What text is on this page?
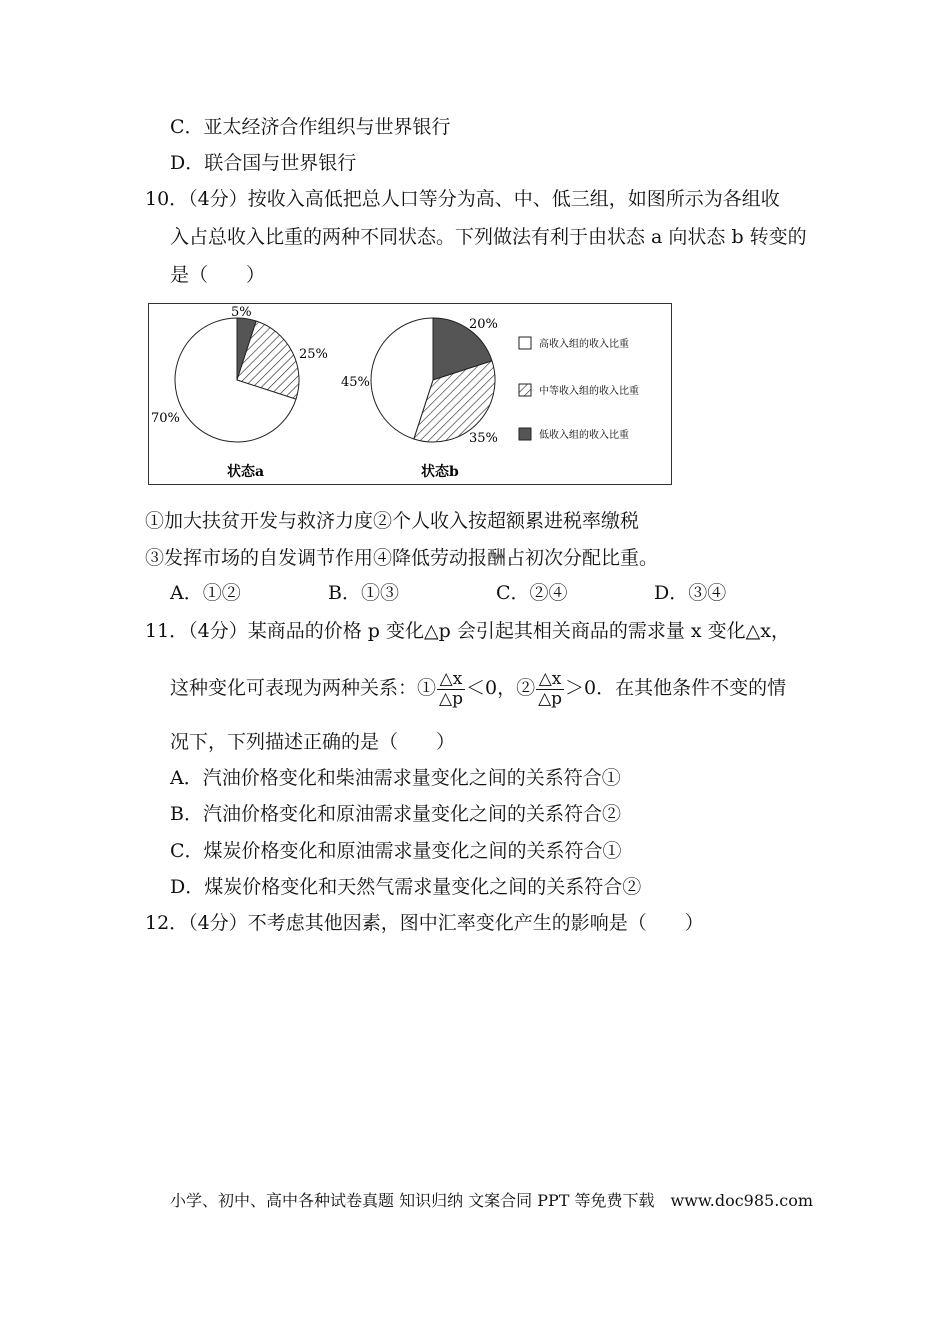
C．亚太经济合作组织与世界银行
D．联合国与世界银行
10．（4分）按收入高低把总人口等分为高、中、低三组，如图所示为各组收
入占总收入比重的两种不同状态。下列做法有利于由状态 a 向状态 b 转变的
是（　　）
70%
25%
5%
状态a
45%
35%
20%
状态b
高收入组的收入比重
中等收入组的收入比重
低收入组的收入比重
①加大扶贫开发与救济力度②个人收入按超额累进税率缴税
③发挥市场的自发调节作用④降低劳动报酬占初次分配比重。
A．①②	B．①③	C．②④	D．③④
11．（4分）某商品的价格 p 变化△p 会引起其相关商品的需求量 x 变化△x，
这种变化可表现为两种关系：① $\frac{\triangle x}{\triangle p} <0$，② $\frac{\triangle x}{\triangle p} >0$．在其他条件不变的情
况下，下列描述正确的是（　　）
A．汽油价格变化和柴油需求量变化之间的关系符合①
B．汽油价格变化和原油需求量变化之间的关系符合②
C．煤炭价格变化和原油需求量变化之间的关系符合①
D．煤炭价格变化和天然气需求量变化之间的关系符合②
12．（4分）不考虑其他因素，图中汇率变化产生的影响是（　　）
小学、初中、高中各种试卷真题 知识归纳 文案合同 PPT 等免费下载　www.doc985.com
